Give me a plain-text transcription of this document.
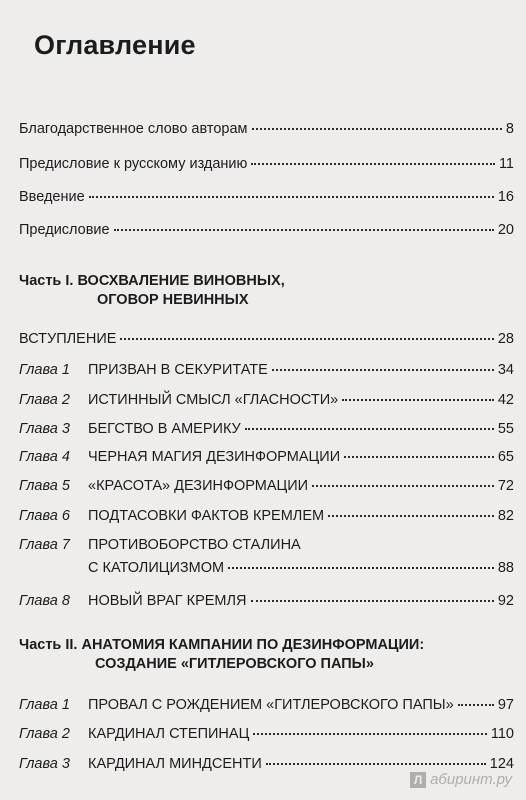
Оглавление
Благодарственное слово авторам	8
Предисловие к русскому изданию	11
Введение	16
Предисловие	20
Часть I. ВОСХВАЛЕНИЕ ВИНОВНЫХ,
ОГОВОР НЕВИННЫХ
ВСТУПЛЕНИЕ	28
Глава 1	ПРИЗВАН В СЕКУРИТАТЕ	34
Глава 2	ИСТИННЫЙ СМЫСЛ «ГЛАСНОСТИ»	42
Глава 3	БЕГСТВО В АМЕРИКУ	55
Глава 4	ЧЕРНАЯ МАГИЯ ДЕЗИНФОРМАЦИИ	65
Глава 5	«КРАСОТА» ДЕЗИНФОРМАЦИИ	72
Глава 6	ПОДТАСОВКИ ФАКТОВ КРЕМЛЕМ	82
Глава 7	ПРОТИВОБОРСТВО СТАЛИНА
С КАТОЛИЦИЗМОМ	88
Глава 8	НОВЫЙ ВРАГ КРЕМЛЯ	92
Часть II. АНАТОМИЯ КАМПАНИИ ПО ДЕЗИНФОРМАЦИИ:
СОЗДАНИЕ «ГИТЛЕРОВСКОГО ПАПЫ»
Глава 1	ПРОВАЛ С РОЖДЕНИЕМ «ГИТЛЕРОВСКОГО ПАПЫ»	97
Глава 2	КАРДИНАЛ СТЕПИНАЦ	110
Глава 3	КАРДИНАЛ МИНДСЕНТИ	124
Л абиринт.ру
